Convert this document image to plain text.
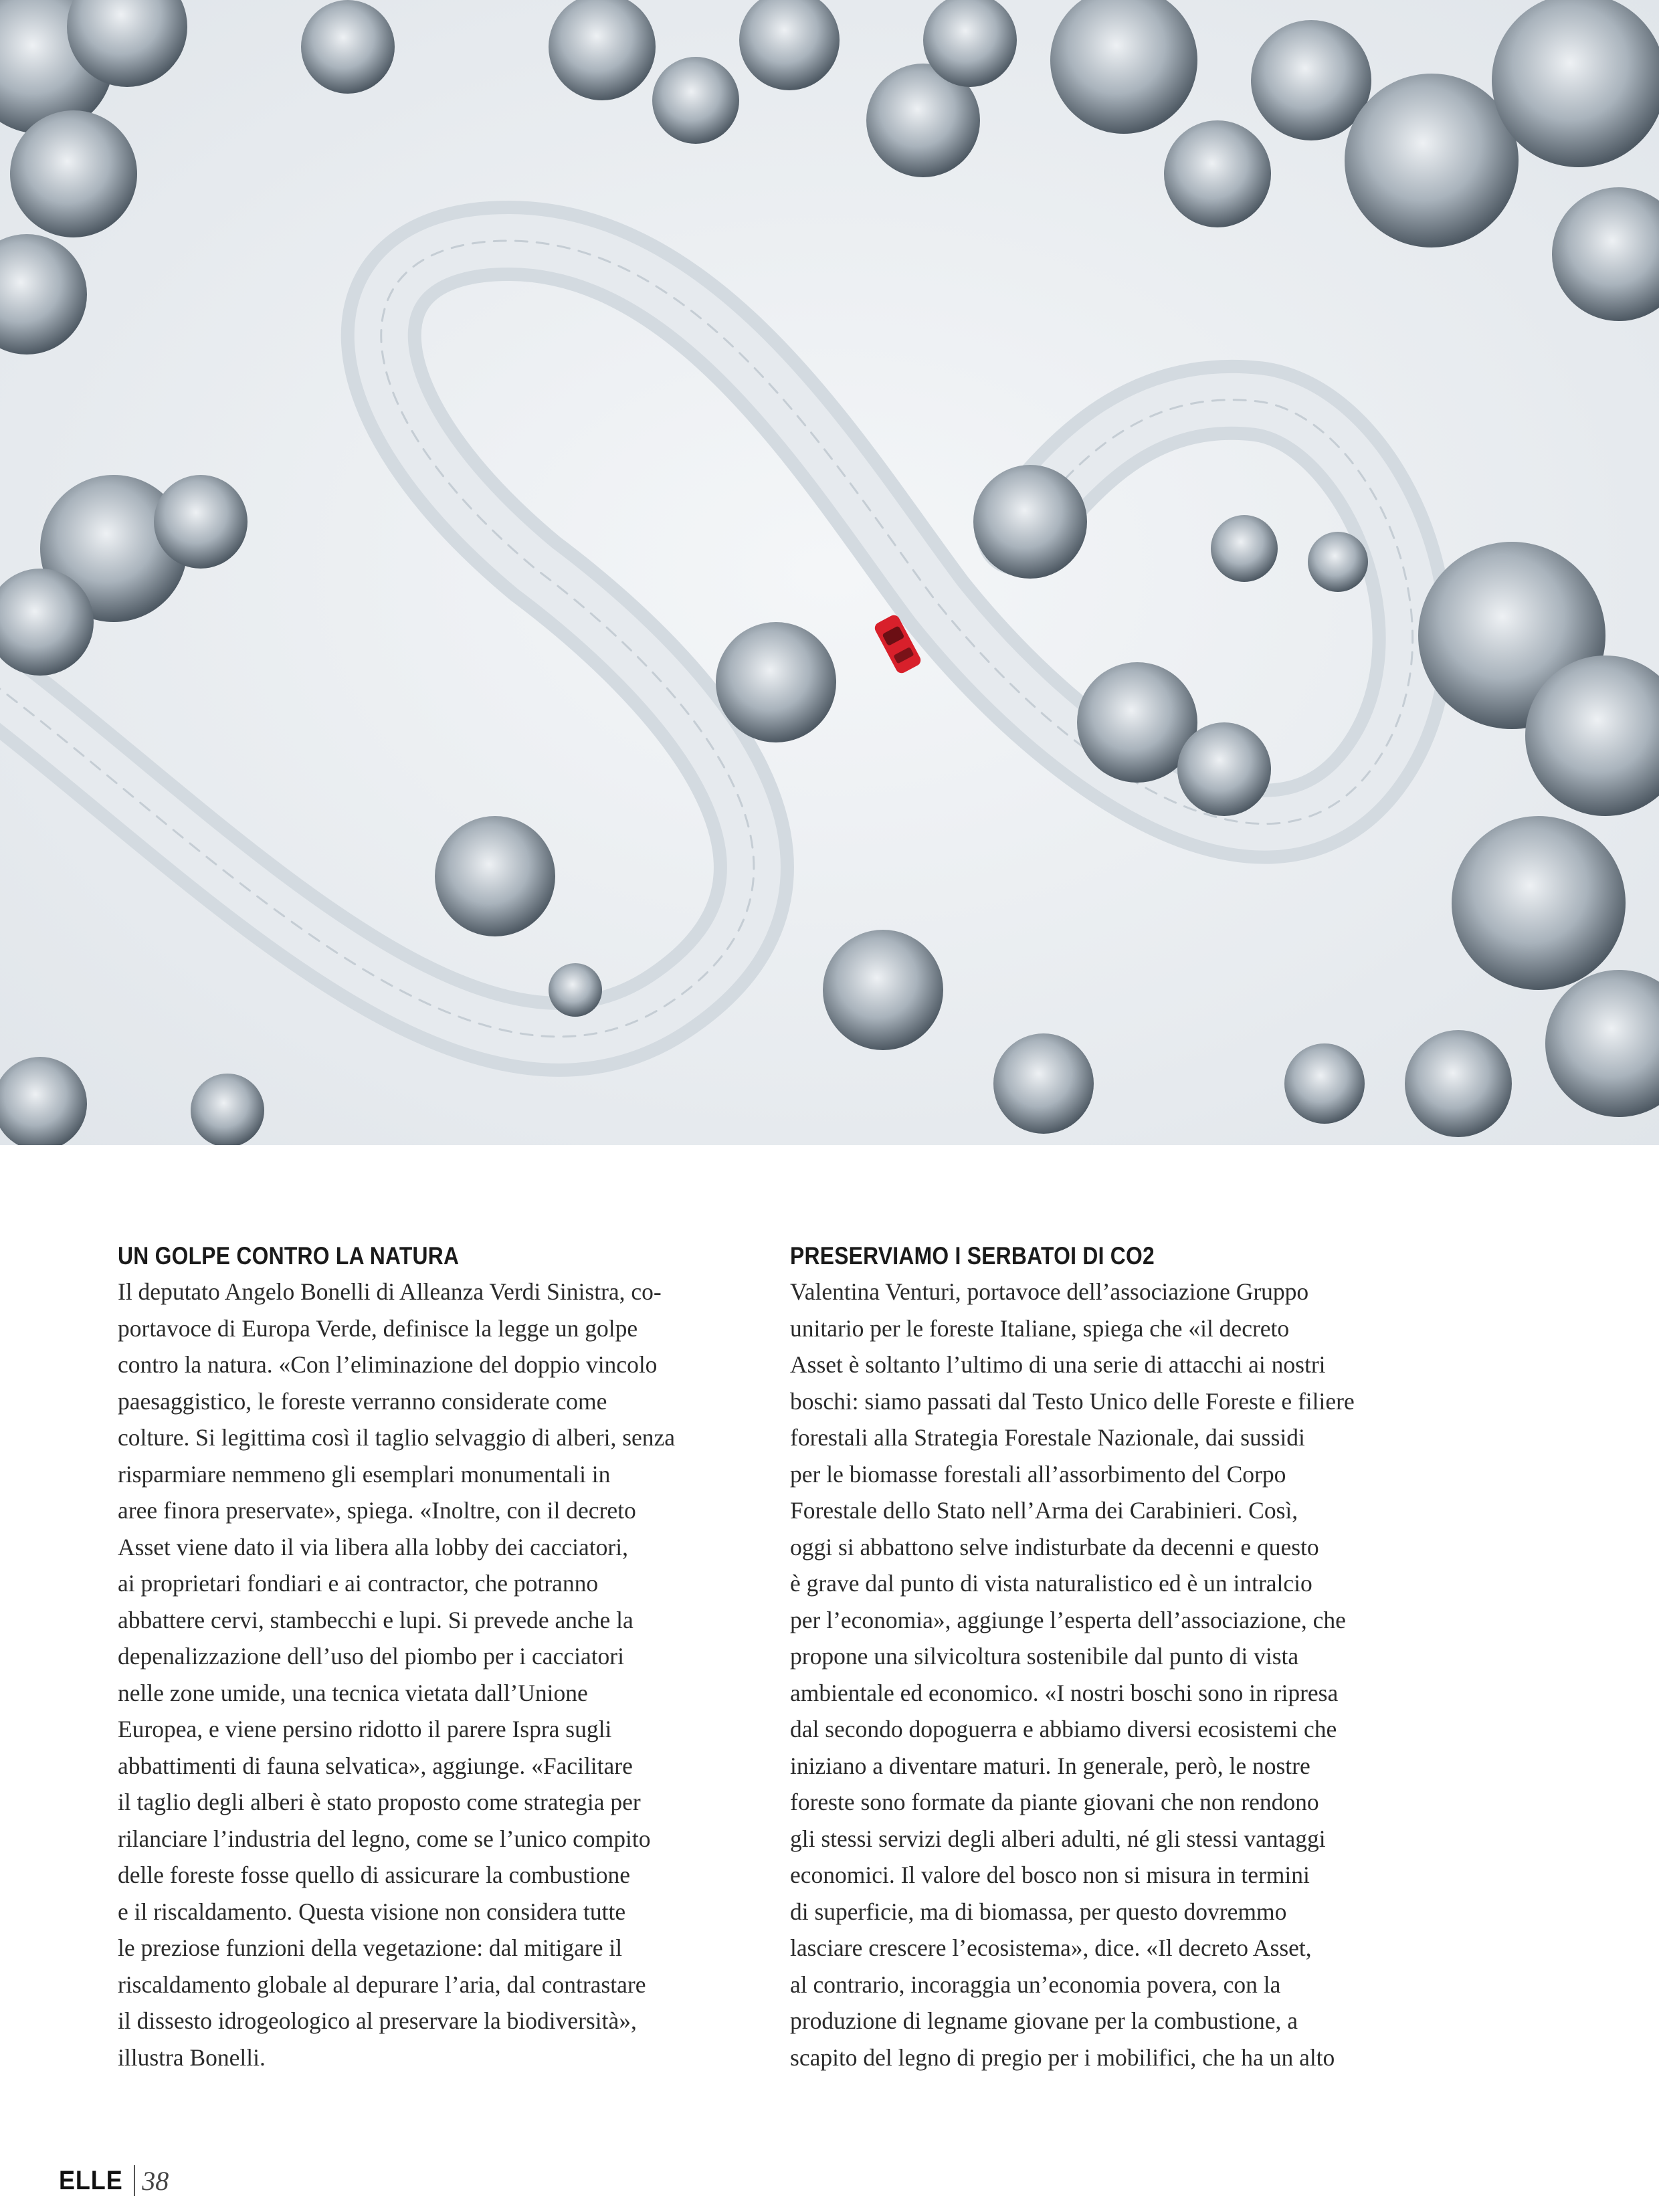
UN GOLPE CONTRO LA NATURA
Il deputato Angelo Bonelli di Alleanza Verdi Sinistra, co-
portavoce di Europa Verde, definisce la legge un golpe
contro la natura. «Con l’eliminazione del doppio vincolo
paesaggistico, le foreste verranno considerate come
colture. Si legittima così il taglio selvaggio di alberi, senza
risparmiare nemmeno gli esemplari monumentali in
aree finora preservate», spiega. «Inoltre, con il decreto
Asset viene dato il via libera alla lobby dei cacciatori,
ai proprietari fondiari e ai contractor, che potranno
abbattere cervi, stambecchi e lupi. Si prevede anche la
depenalizzazione dell’uso del piombo per i cacciatori
nelle zone umide, una tecnica vietata dall’Unione
Europea, e viene persino ridotto il parere Ispra sugli
abbattimenti di fauna selvatica», aggiunge. «Facilitare
il taglio degli alberi è stato proposto come strategia per
rilanciare l’industria del legno, come se l’unico compito
delle foreste fosse quello di assicurare la combustione
e il riscaldamento. Questa visione non considera tutte
le preziose funzioni della vegetazione: dal mitigare il
riscaldamento globale al depurare l’aria, dal contrastare
il dissesto idrogeologico al preservare la biodiversità»,
illustra Bonelli.
PRESERVIAMO I SERBATOI DI CO2
Valentina Venturi, portavoce dell’associazione Gruppo
unitario per le foreste Italiane, spiega che «il decreto
Asset è soltanto l’ultimo di una serie di attacchi ai nostri
boschi: siamo passati dal Testo Unico delle Foreste e filiere
forestali alla Strategia Forestale Nazionale, dai sussidi
per le biomasse forestali all’assorbimento del Corpo
Forestale dello Stato nell’Arma dei Carabinieri. Così,
oggi si abbattono selve indisturbate da decenni e questo
è grave dal punto di vista naturalistico ed è un intralcio
per l’economia», aggiunge l’esperta dell’associazione, che
propone una silvicoltura sostenibile dal punto di vista
ambientale ed economico. «I nostri boschi sono in ripresa
dal secondo dopoguerra e abbiamo diversi ecosistemi che
iniziano a diventare maturi. In generale, però, le nostre
foreste sono formate da piante giovani che non rendono
gli stessi servizi degli alberi adulti, né gli stessi vantaggi
economici. Il valore del bosco non si misura in termini
di superficie, ma di biomassa, per questo dovremmo
lasciare crescere l’ecosistema», dice. «Il decreto Asset,
al contrario, incoraggia un’economia povera, con la
produzione di legname giovane per la combustione, a
scapito del legno di pregio per i mobilifici, che ha un alto
ELLE 38
